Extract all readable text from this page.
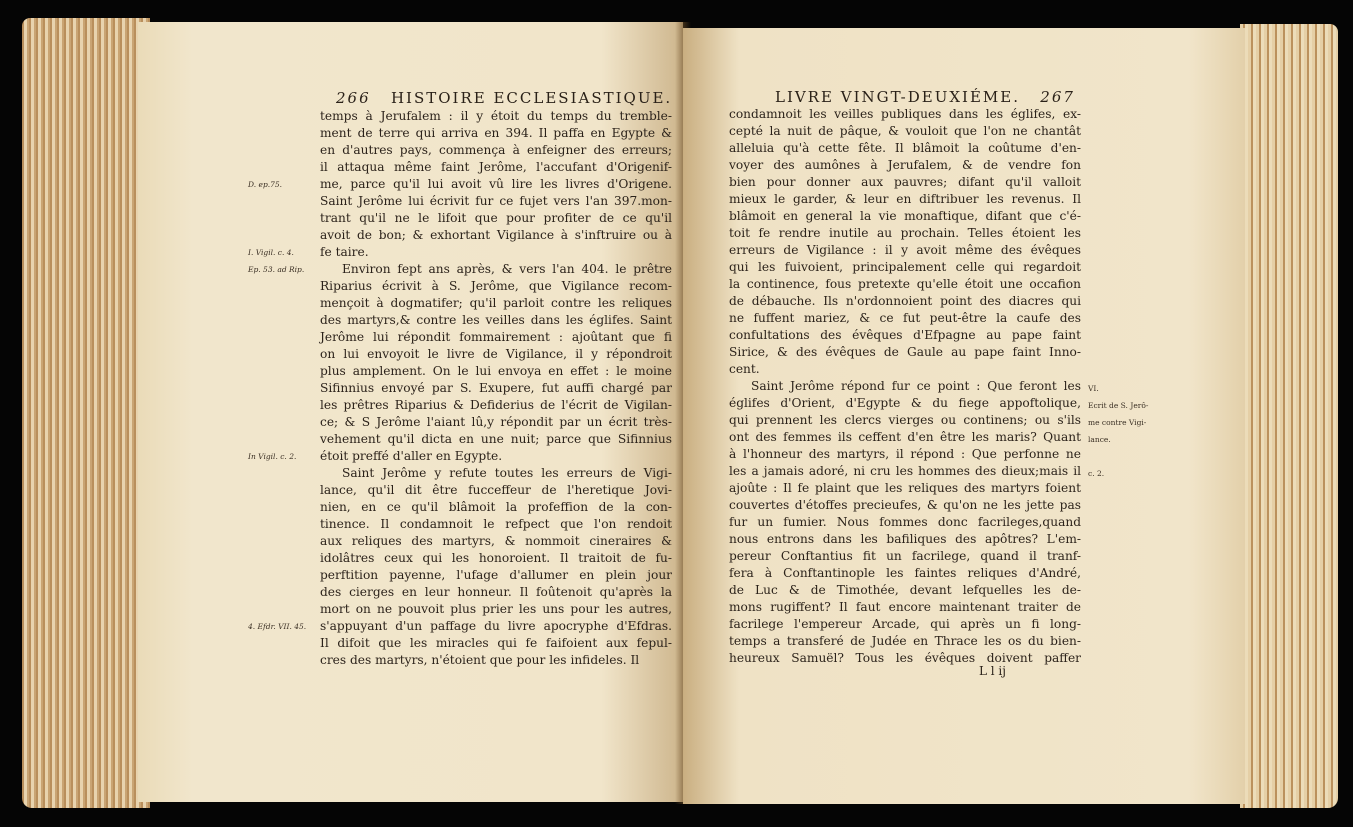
266 HISTOIRE ECCLESIASTIQUE.
temps à Jerufalem : il y étoit du temps du tremble-
ment de terre qui arriva en 394. Il paffa en Egypte &
en d'autres pays, commença à enfeigner des erreurs;
il attaqua même faint Jerôme, l'accufant d'Origenif-
me, parce qu'il lui avoit vû lire les livres d'Origene.
Saint Jerôme lui écrivit fur ce fujet vers l'an 397.mon-
trant qu'il ne le lifoit que pour profiter de ce qu'il
avoit de bon; & exhortant Vigilance à s'inftruire ou à
fe taire.
Environ fept ans après, & vers l'an 404. le prêtre
Riparius écrivit à S. Jerôme, que Vigilance recom-
mençoit à dogmatifer; qu'il parloit contre les reliques
des martyrs,& contre les veilles dans les églifes. Saint
Jerôme lui répondit fommairement : ajoûtant que fi
on lui envoyoit le livre de Vigilance, il y répondroit
plus amplement. On le lui envoya en effet : le moine
Sifinnius envoyé par S. Exupere, fut auffi chargé par
les prêtres Riparius & Defiderius de l'écrit de Vigilan-
ce; & S Jerôme l'aiant lû,y répondit par un écrit très-
vehement qu'il dicta en une nuit; parce que Sifinnius
étoit preffé d'aller en Egypte.
Saint Jerôme y refute toutes les erreurs de Vigi-
lance, qu'il dit être fucceffeur de l'heretique Jovi-
nien, en ce qu'il blâmoit la profeffion de la con-
tinence. Il condamnoit le refpect que l'on rendoit
aux reliques des martyrs, & nommoit cineraires &
idolâtres ceux qui les honoroient. Il traitoit de fu-
perftition payenne, l'ufage d'allumer en plein jour
des cierges en leur honneur. Il foûtenoit qu'après la
mort on ne pouvoit plus prier les uns pour les autres,
s'appuyant d'un paffage du livre apocryphe d'Efdras.
Il difoit que les miracles qui fe faifoient aux fepul-
cres des martyrs, n'étoient que pour les infideles. Il
D. ep.75.
I. Vigil. c. 4.
Ep. 53. ad Rip.
In Vigil. c. 2.
4. Efdr. VII. 45.
LIVRE VINGT-DEUXIÉME. 267
condamnoit les veilles publiques dans les églifes, ex-
cepté la nuit de pâque, & vouloit que l'on ne chantât
alleluia qu'à cette fête. Il blâmoit la coûtume d'en-
voyer des aumônes à Jerufalem, & de vendre fon
bien pour donner aux pauvres; difant qu'il valloit
mieux le garder, & leur en diftribuer les revenus. Il
blâmoit en general la vie monaftique, difant que c'é-
toit fe rendre inutile au prochain. Telles étoient les
erreurs de Vigilance : il y avoit même des évêques
qui les fuivoient, principalement celle qui regardoit
la continence, fous pretexte qu'elle étoit une occafion
de débauche. Ils n'ordonnoient point des diacres qui
ne fuffent mariez, & ce fut peut-être la caufe des
confultations des évêques d'Efpagne au pape faint
Sirice, & des évêques de Gaule au pape faint Inno-
cent.
Saint Jerôme répond fur ce point : Que feront les
églifes d'Orient, d'Egypte & du fiege appoftolique,
qui prennent les clercs vierges ou continens; ou s'ils
ont des femmes ils ceffent d'en être les maris? Quant
à l'honneur des martyrs, il répond : Que perfonne ne
les a jamais adoré, ni cru les hommes des dieux;mais il
ajoûte : Il fe plaint que les reliques des martyrs foient
couvertes d'étoffes precieufes, & qu'on ne les jette pas
fur un fumier. Nous fommes donc facrileges,quand
nous entrons dans les bafiliques des apôtres? L'em-
pereur Conftantius fit un facrilege, quand il tranf-
fera à Conftantinople les faintes reliques d'André,
de Luc & de Timothée, devant lefquelles les de-
mons rugiffent? Il faut encore maintenant traiter de
facrilege l'empereur Arcade, qui après un fi long-
temps a transferé de Judée en Thrace les os du bien-
heureux Samuël? Tous les évêques doivent paffer
L l ij
VI.
Ecrit de S. Jerô-
me contre Vigi-
lance.
c. 2.
